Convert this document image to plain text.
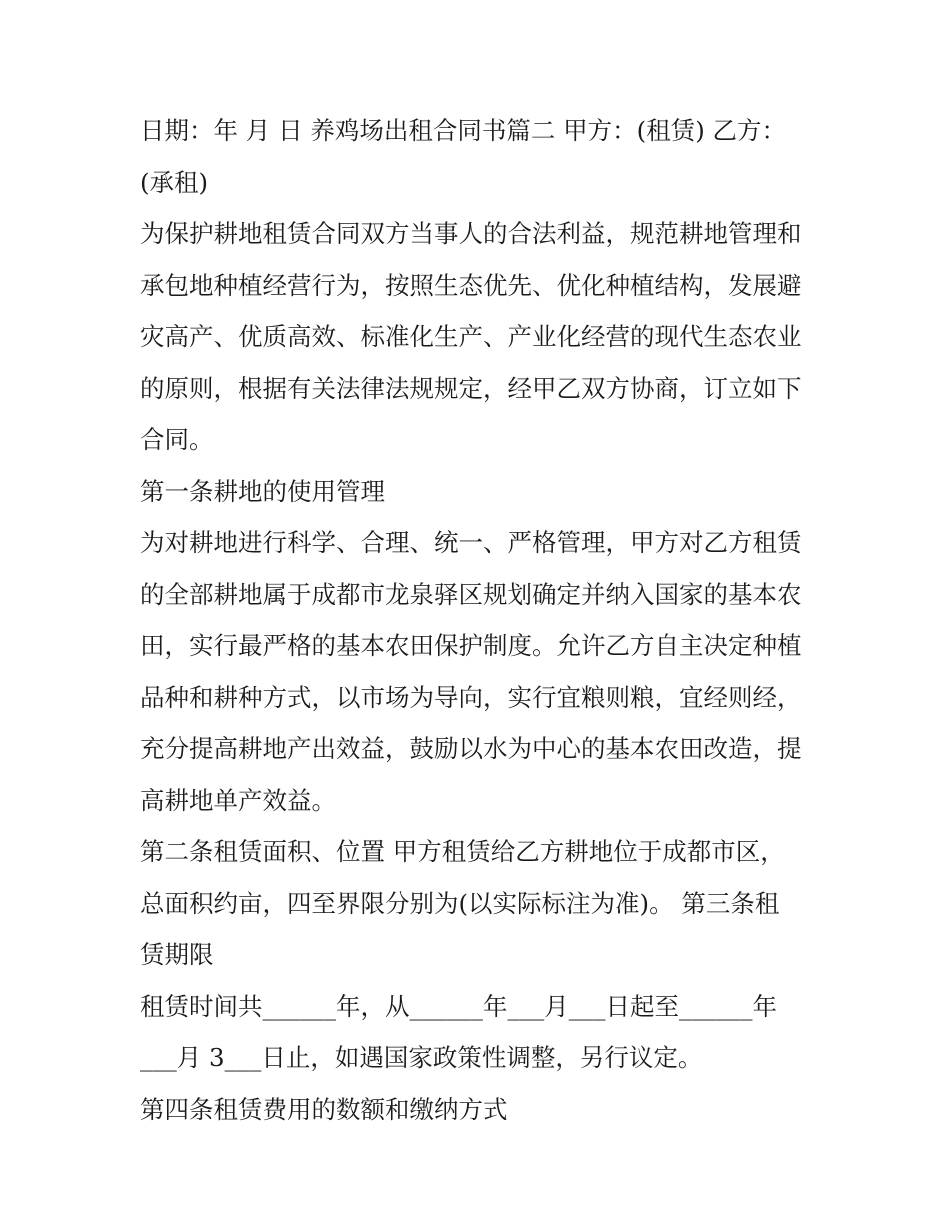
日期：年 月 日 养鸡场出租合同书篇二 甲方：(租赁) 乙方：
(承租)
为保护耕地租赁合同双方当事人的合法利益，规范耕地管理和
承包地种植经营行为，按照生态优先、优化种植结构，发展避
灾高产、优质高效、标准化生产、产业化经营的现代生态农业
的原则，根据有关法律法规规定，经甲乙双方协商，订立如下
合同。
第一条耕地的使用管理
为对耕地进行科学、合理、统一、严格管理，甲方对乙方租赁
的全部耕地属于成都市龙泉驿区规划确定并纳入国家的基本农
田，实行最严格的基本农田保护制度。允许乙方自主决定种植
品种和耕种方式，以市场为导向，实行宜粮则粮，宜经则经，
充分提高耕地产出效益，鼓励以水为中心的基本农田改造，提
高耕地单产效益。
第二条租赁面积、位置 甲方租赁给乙方耕地位于成都市区，
总面积约亩，四至界限分别为(以实际标注为准)。 第三条租
赁期限
租赁时间共______年，从______年___月___日起至______年
___月 3___日止，如遇国家政策性调整，另行议定。
第四条租赁费用的数额和缴纳方式
